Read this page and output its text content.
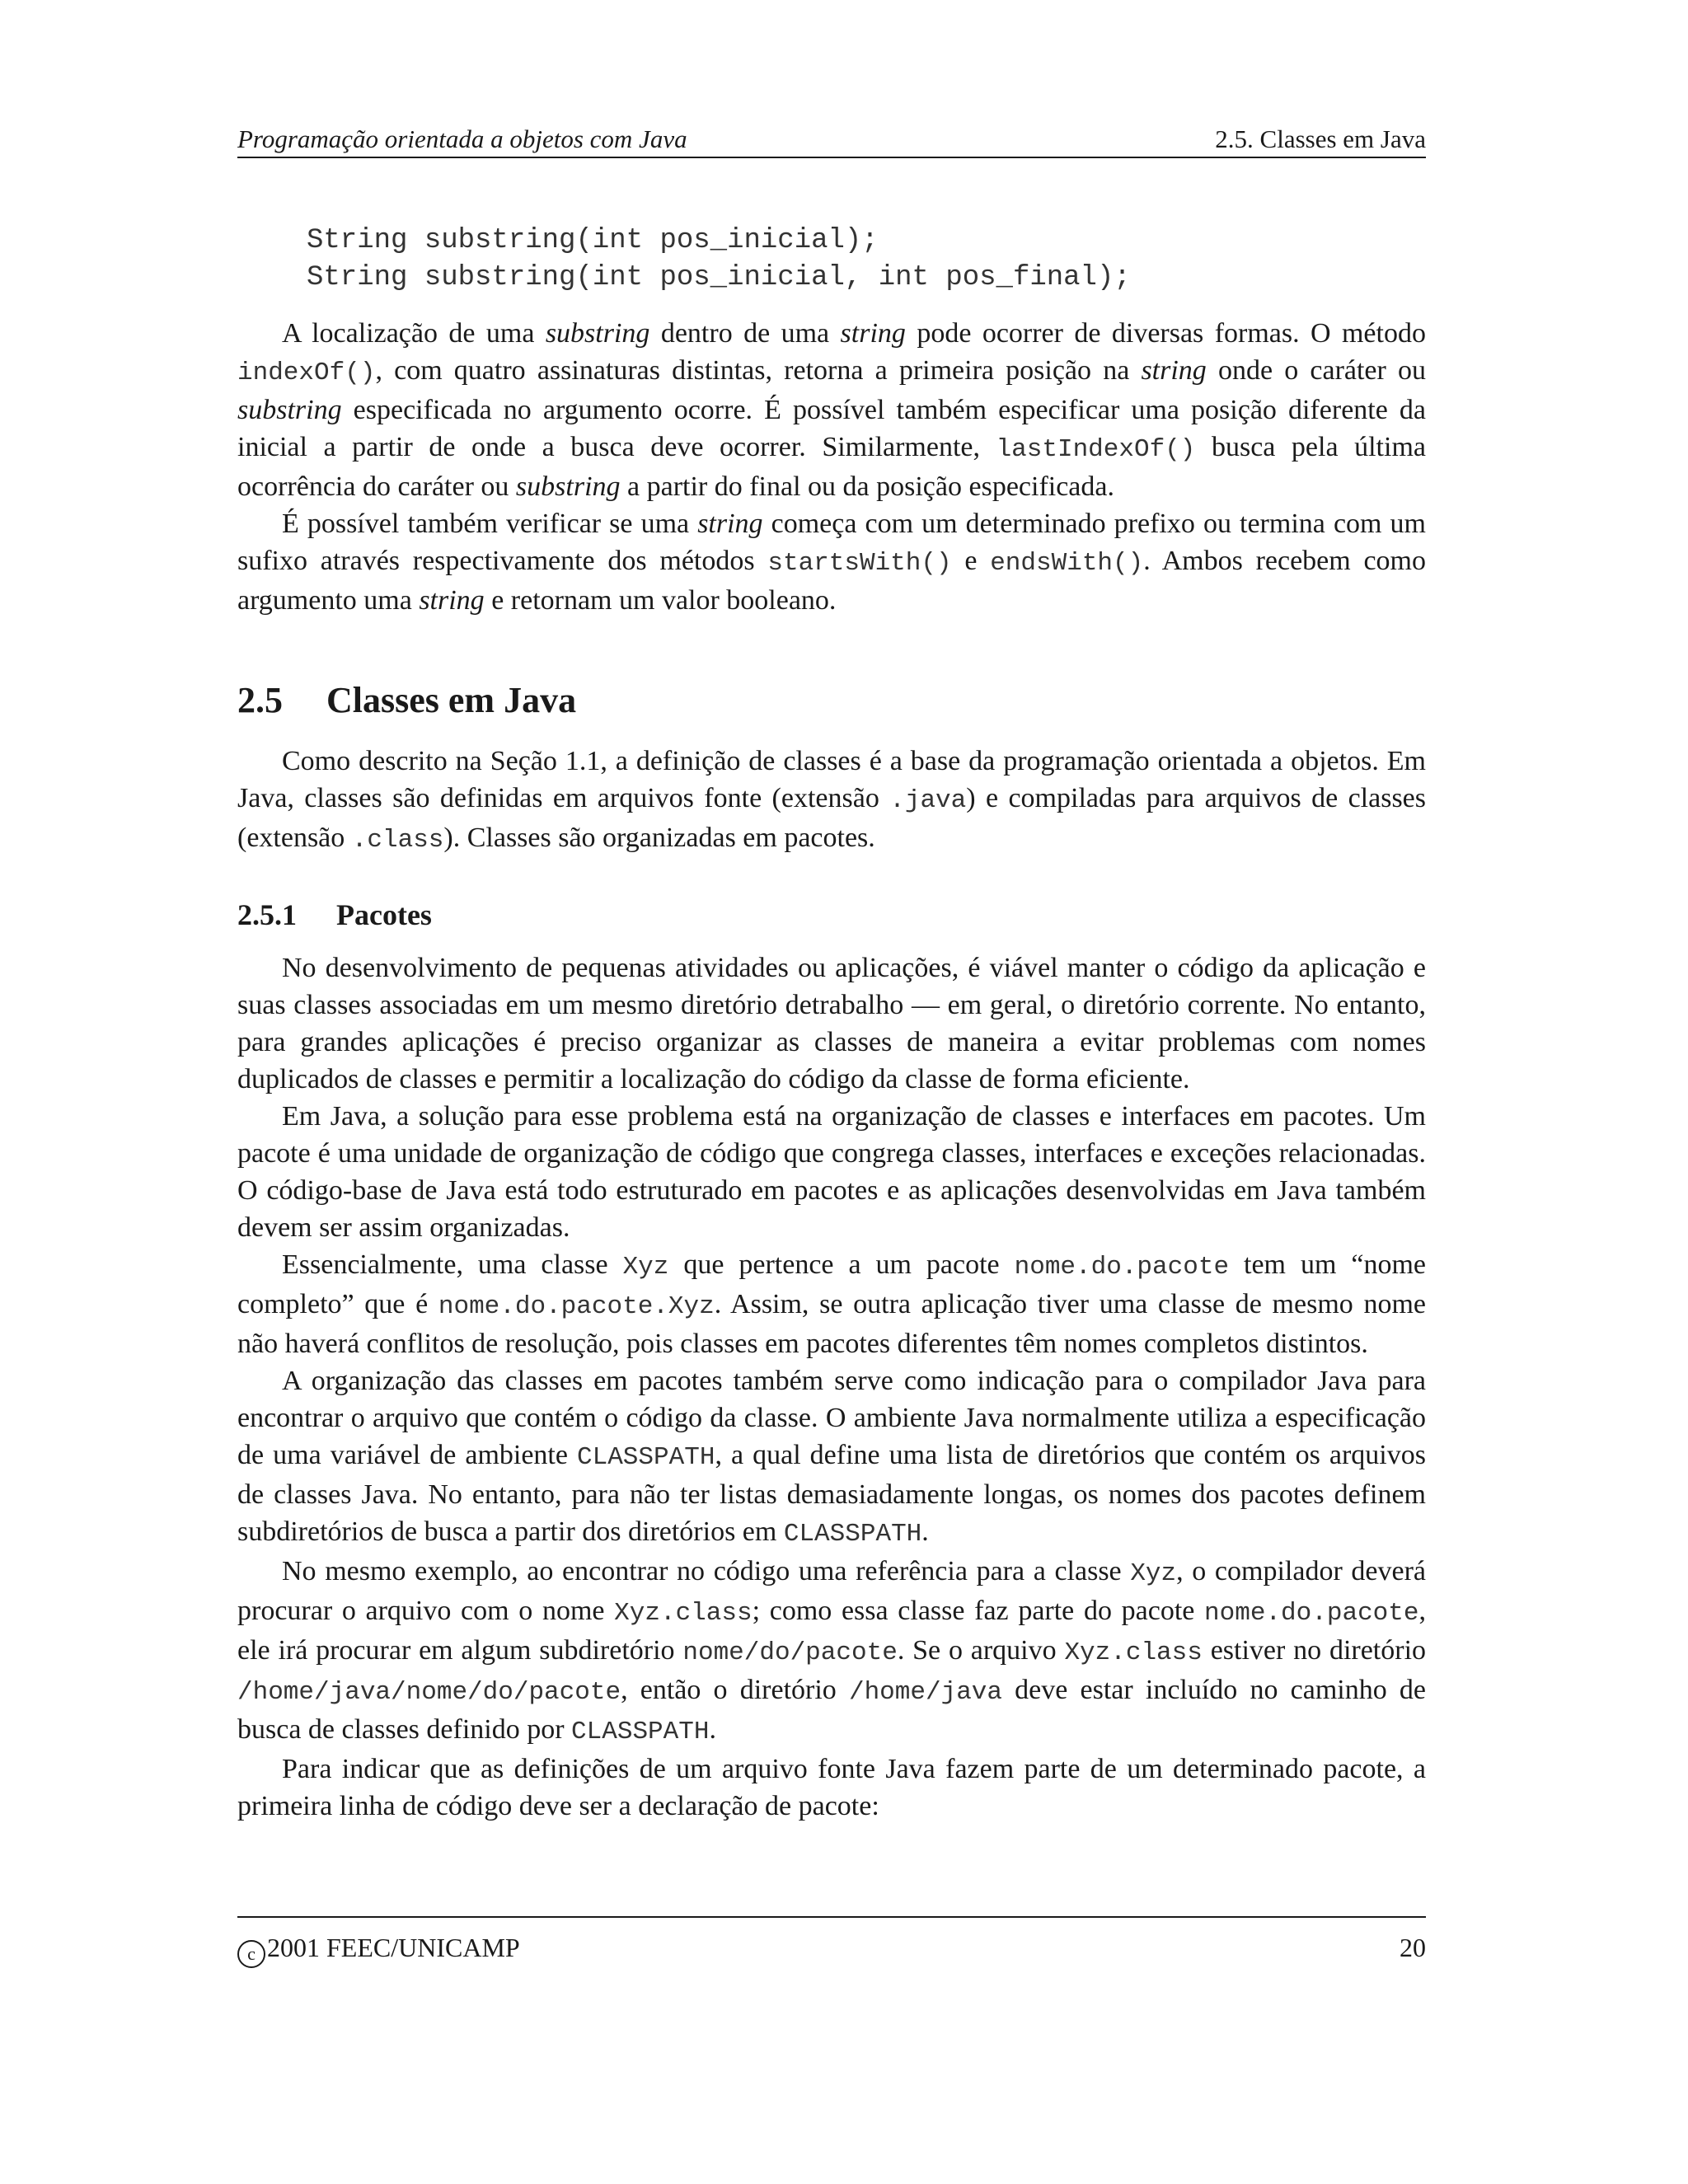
Programação orientada a objetos com Java	2.5. Classes em Java
String substring(int pos_inicial);
String substring(int pos_inicial, int pos_final);

A localização de uma substring dentro de uma string pode ocorrer de diversas formas. O método indexOf(), com quatro assinaturas distintas, retorna a primeira posição na string onde o caráter ou substring especificada no argumento ocorre. É possível também especificar uma posição diferente da inicial a partir de onde a busca deve ocorrer. Similarmente, lastIndexOf() busca pela última ocorrência do caráter ou substring a partir do final ou da posição especificada.

É possível também verificar se uma string começa com um determinado prefixo ou termina com um sufixo através respectivamente dos métodos startsWith() e endsWith(). Ambos recebem como argumento uma string e retornam um valor booleano.

2.5 Classes em Java

Como descrito na Seção 1.1, a definição de classes é a base da programação orientada a objetos. Em Java, classes são definidas em arquivos fonte (extensão .java) e compiladas para arquivos de classes (extensão .class). Classes são organizadas em pacotes.

2.5.1 Pacotes

No desenvolvimento de pequenas atividades ou aplicações, é viável manter o código da aplicação e suas classes associadas em um mesmo diretório detrabalho — em geral, o diretório corrente. No entanto, para grandes aplicações é preciso organizar as classes de maneira a evitar problemas com nomes duplicados de classes e permitir a localização do código da classe de forma eficiente.

Em Java, a solução para esse problema está na organização de classes e interfaces em pacotes. Um pacote é uma unidade de organização de código que congrega classes, interfaces e exceções relacionadas. O código-base de Java está todo estruturado em pacotes e as aplicações desenvolvidas em Java também devem ser assim organizadas.

Essencialmente, uma classe Xyz que pertence a um pacote nome.do.pacote tem um “nome completo” que é nome.do.pacote.Xyz. Assim, se outra aplicação tiver uma classe de mesmo nome não haverá conflitos de resolução, pois classes em pacotes diferentes têm nomes completos distintos.

A organização das classes em pacotes também serve como indicação para o compilador Java para encontrar o arquivo que contém o código da classe. O ambiente Java normalmente utiliza a especificação de uma variável de ambiente CLASSPATH, a qual define uma lista de diretórios que contém os arquivos de classes Java. No entanto, para não ter listas demasiadamente longas, os nomes dos pacotes definem subdiretórios de busca a partir dos diretórios em CLASSPATH.

No mesmo exemplo, ao encontrar no código uma referência para a classe Xyz, o compilador deverá procurar o arquivo com o nome Xyz.class; como essa classe faz parte do pacote nome.do.pacote, ele irá procurar em algum subdiretório nome/do/pacote. Se o arquivo Xyz.class estiver no diretório /home/java/nome/do/pacote, então o diretório /home/java deve estar incluído no caminho de busca de classes definido por CLASSPATH.

Para indicar que as definições de um arquivo fonte Java fazem parte de um determinado pacote, a primeira linha de código deve ser a declaração de pacote:

c 2001 FEEC/UNICAMP	20
